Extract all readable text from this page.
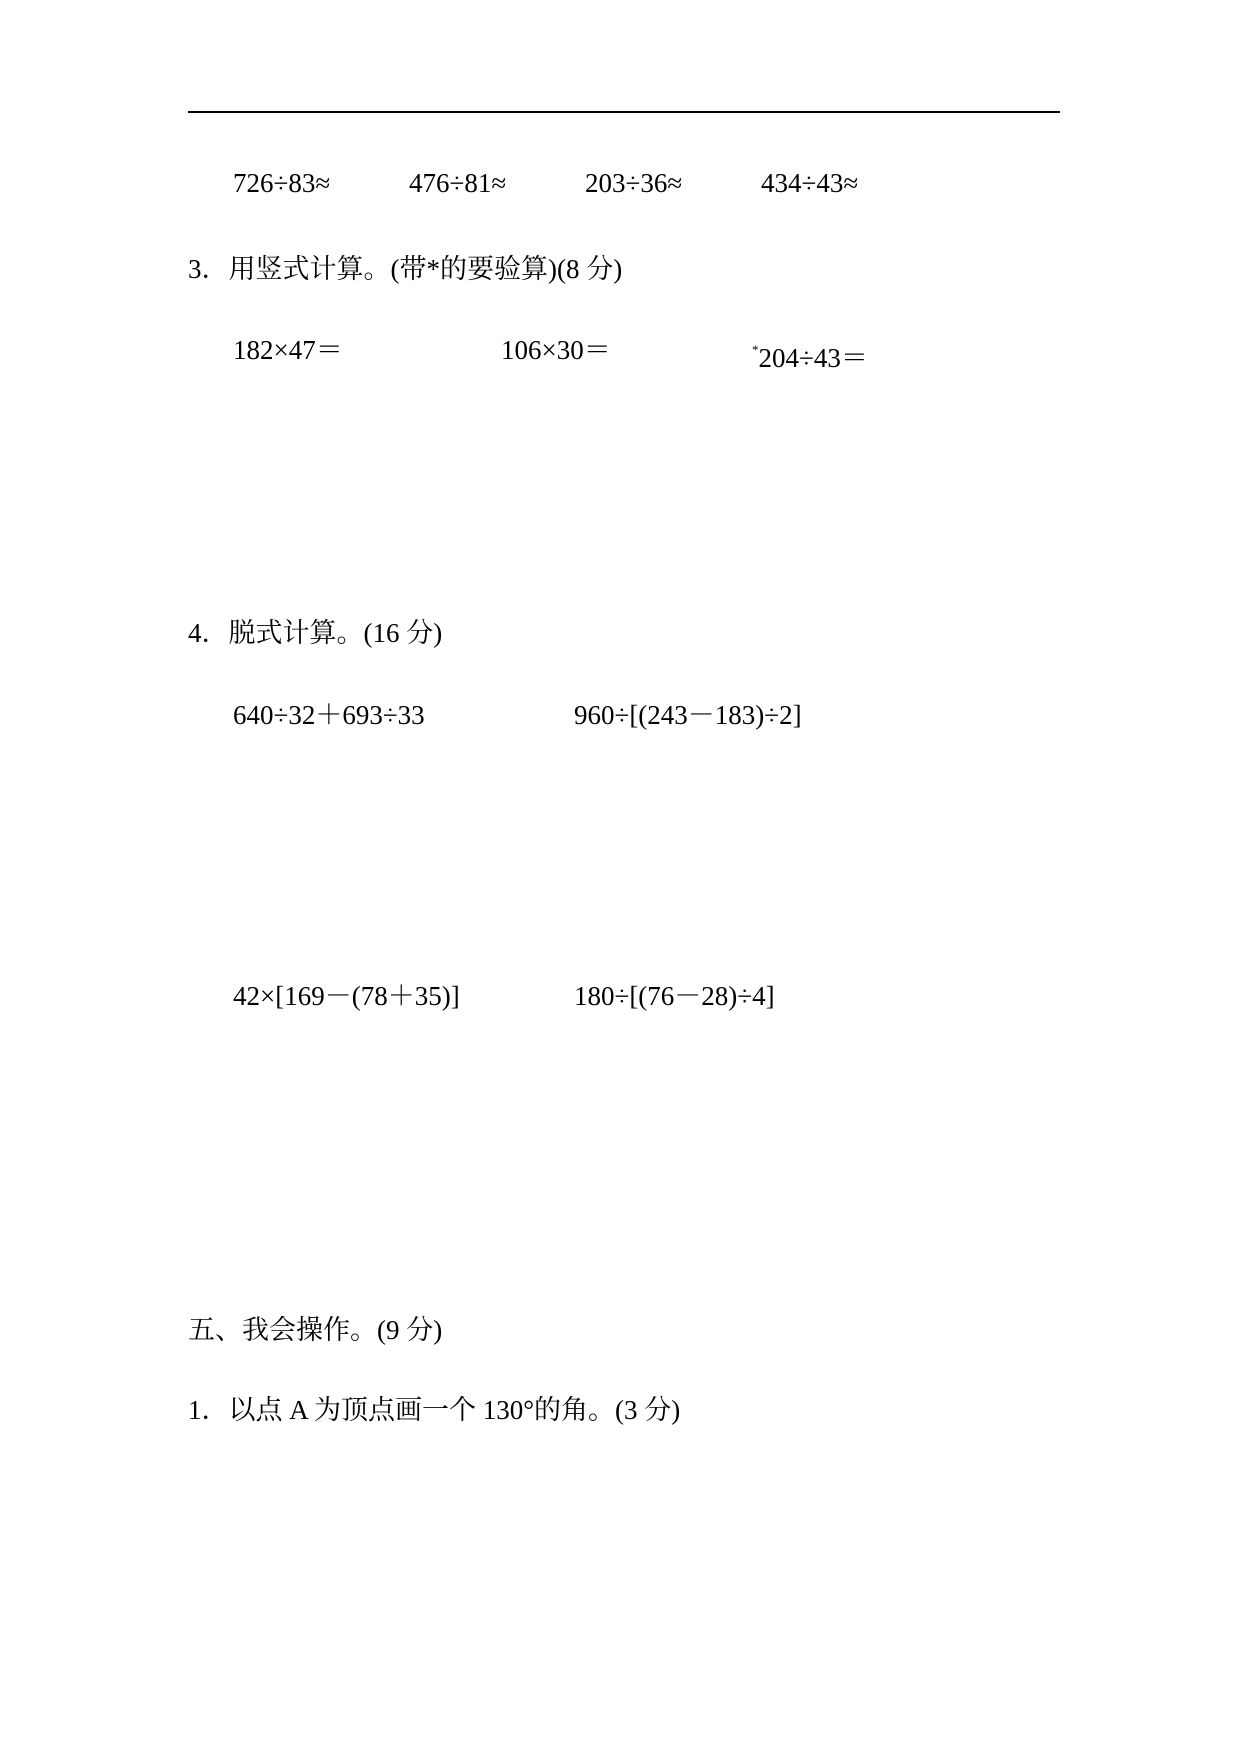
726÷83≈	476÷81≈	203÷36≈	434÷43≈
3．用竖式计算。(带*的要验算)(8 分)
182×47＝	106×30＝	*204÷43＝
4．脱式计算。(16 分)
640÷32＋693÷33	960÷[(243－183)÷2]
42×[169－(78＋35)]	180÷[(76－28)÷4]
五、我会操作。(9 分)
1．以点 A 为顶点画一个 130°的角。(3 分)
